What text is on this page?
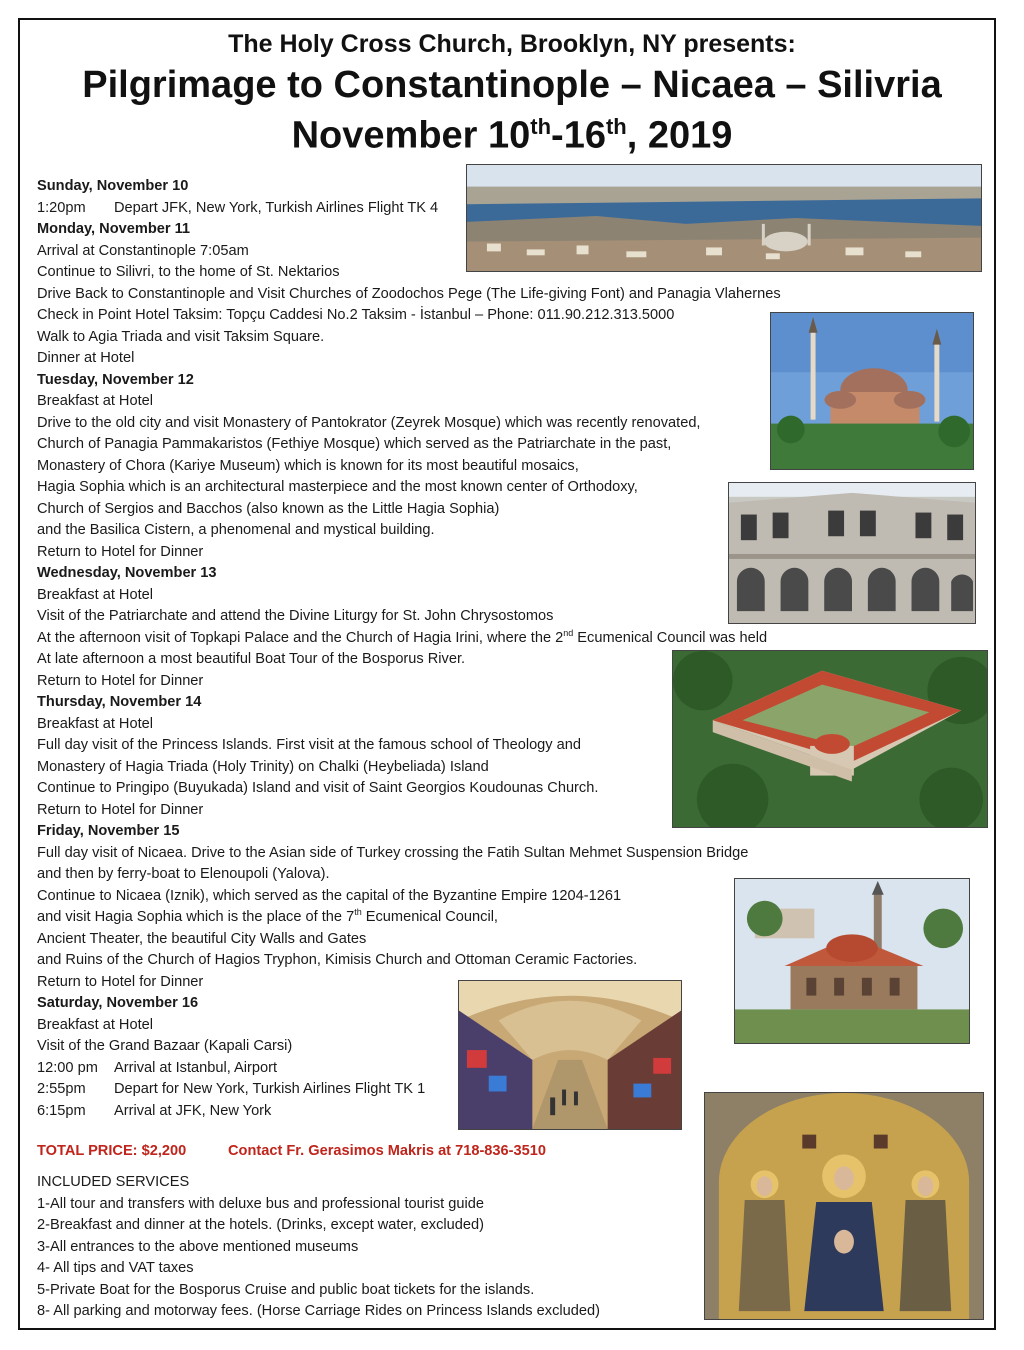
The Holy Cross Church, Brooklyn, NY presents:
Pilgrimage to Constantinople – Nicaea – Silivria
November 10th-16th, 2019
Sunday, November 10
1:20pm Depart JFK, New York, Turkish Airlines Flight TK 4
Monday, November 11
Arrival at Constantinople 7:05am
Continue to Silivri, to the home of St. Nektarios
Drive Back to Constantinople and Visit Churches of Zoodochos Pege (The Life-giving Font) and Panagia Vlahernes
Check in Point Hotel Taksim: Topçu Caddesi No.2 Taksim - İstanbul – Phone: 011.90.212.313.5000
Walk to Agia Triada and visit Taksim Square.
Dinner at Hotel
Tuesday, November 12
Breakfast at Hotel
Drive to the old city and visit Monastery of Pantokrator (Zeyrek Mosque) which was recently renovated,
Church of Panagia Pammakaristos (Fethiye Mosque) which served as the Patriarchate in the past,
Monastery of Chora (Kariye Museum) which is known for its most beautiful mosaics,
Hagia Sophia which is an architectural masterpiece and the most known center of Orthodoxy,
Church of Sergios and Bacchos (also known as the Little Hagia Sophia)
and the Basilica Cistern, a phenomenal and mystical building.
Return to Hotel for Dinner
Wednesday, November 13
Breakfast at Hotel
Visit of the Patriarchate and attend the Divine Liturgy for St. John Chrysostomos
At the afternoon visit of Topkapi Palace and the Church of Hagia Irini, where the 2nd Ecumenical Council was held
At late afternoon a most beautiful Boat Tour of the Bosporus River.
Return to Hotel for Dinner
Thursday, November 14
Breakfast at Hotel
Full day visit of the Princess Islands. First visit at the famous school of Theology and
Monastery of Hagia Triada (Holy Trinity) on Chalki (Heybeliada) Island
Continue to Pringipo (Buyukada) Island and visit of Saint Georgios Koudounas Church.
Return to Hotel for Dinner
Friday, November 15
Full day visit of Nicaea. Drive to the Asian side of Turkey crossing the Fatih Sultan Mehmet Suspension Bridge
and then by ferry-boat to Elenoupoli (Yalova).
Continue to Nicaea (Iznik), which served as the capital of the Byzantine Empire 1204-1261
and visit Hagia Sophia which is the place of the 7th Ecumenical Council,
Ancient Theater, the beautiful City Walls and Gates
and Ruins of the Church of Hagios Tryphon, Kimisis Church and Ottoman Ceramic Factories.
Return to Hotel for Dinner
Saturday, November 16
Breakfast at Hotel
Visit of the Grand Bazaar (Kapali Carsi)
12:00 pm Arrival at Istanbul, Airport
2:55pm Depart for New York, Turkish Airlines Flight TK 1
6:15pm Arrival at JFK, New York
TOTAL PRICE: $2,200	Contact Fr. Gerasimos Makris at 718-836-3510
INCLUDED SERVICES
1-All tour and transfers with deluxe bus and professional tourist guide
2-Breakfast and dinner at the hotels. (Drinks, except water, excluded)
3-All entrances to the above mentioned museums
4- All tips and VAT taxes
5-Private Boat for the Bosporus Cruise and public boat tickets for the islands.
8- All parking and motorway fees. (Horse Carriage Rides on Princess Islands excluded)
